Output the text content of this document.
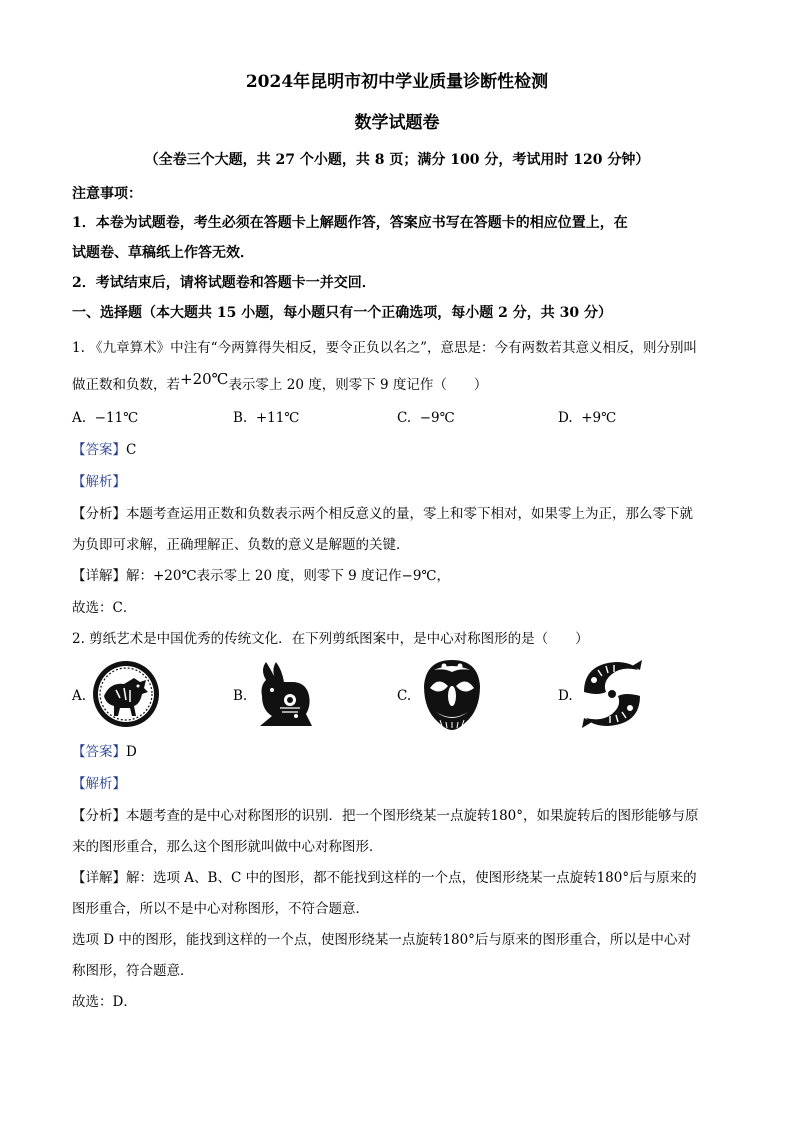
2024年昆明市初中学业质量诊断性检测
数学试题卷
（全卷三个大题，共 27 个小题，共 8 页；满分 100 分，考试用时 120 分钟）
注意事项：
1．本卷为试题卷，考生必须在答题卡上解题作答，答案应书写在答题卡的相应位置上，在
试题卷、草稿纸上作答无效．
2．考试结束后，请将试题卷和答题卡一并交回．
一、选择题（本大题共 15 小题，每小题只有一个正确选项，每小题 2 分，共 30 分）
1. 《九章算术》中注有“今两算得失相反，要令正负以名之”，意思是：今有两数若其意义相反，则分别叫
做正数和负数，若+20℃表示零上 20 度，则零下 9 度记作（　　）
A. −11℃	B. +11℃	C. −9℃	D. +9℃
【答案】C
【解析】
【分析】本题考查运用正数和负数表示两个相反意义的量，零上和零下相对，如果零上为正，那么零下就
为负即可求解，正确理解正、负数的意义是解题的关键．
【详解】解：+20℃表示零上 20 度，则零下 9 度记作−9℃，
故选：C．
2. 剪纸艺术是中国优秀的传统文化．在下列剪纸图案中，是中心对称图形的是（　　）
A.	B.	C.	D.
【答案】D
【解析】
【分析】本题考查的是中心对称图形的识别．把一个图形绕某一点旋转180°，如果旋转后的图形能够与原
来的图形重合，那么这个图形就叫做中心对称图形．
【详解】解：选项 A、B、C 中的图形，都不能找到这样的一个点，使图形绕某一点旋转180°后与原来的
图形重合，所以不是中心对称图形，不符合题意．
选项 D 中的图形，能找到这样的一个点，使图形绕某一点旋转180°后与原来的图形重合，所以是中心对
称图形，符合题意．
故选：D．
